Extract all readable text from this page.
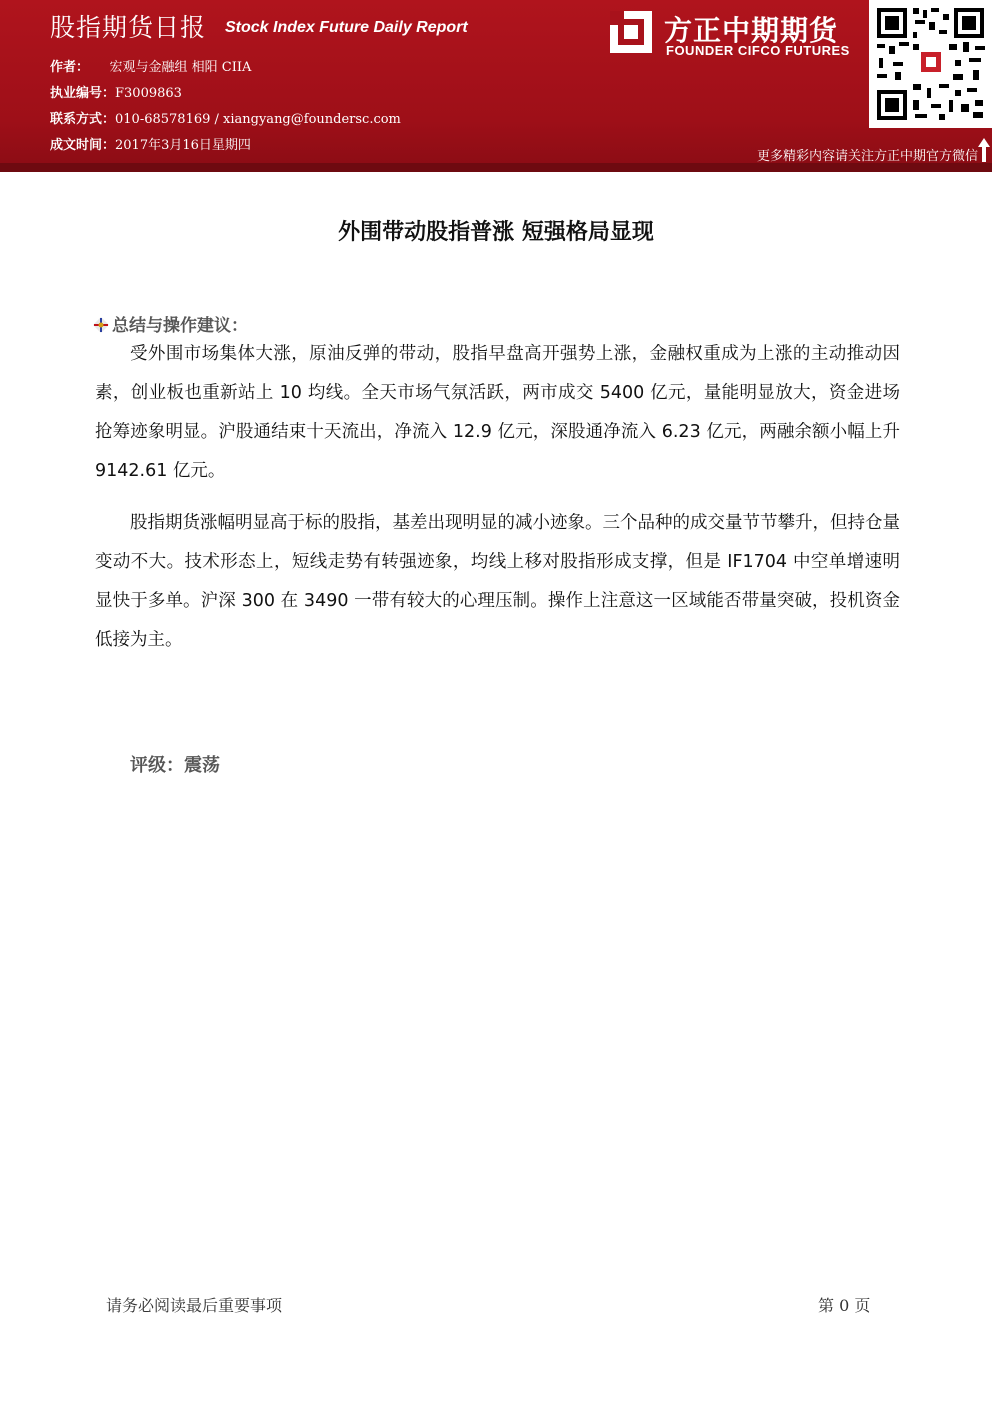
股指期货日报 Stock Index Future Daily Report
作者： 宏观与金融组 相阳 CIIA
执业编号：F3009863
联系方式：010-68578169 / xiangyang@foundersc.com
成文时间：2017年3月16日星期四
方正中期期货
FOUNDER CIFCO FUTURES
更多精彩内容请关注方正中期官方微信
外围带动股指普涨 短强格局显现
总结与操作建议：
受外围市场集体大涨，原油反弹的带动，股指早盘高开强势上涨，金融权重成为上涨的主动推动因素，创业板也重新站上 10 均线。全天市场气氛活跃，两市成交 5400 亿元，量能明显放大，资金进场抢筹迹象明显。沪股通结束十天流出，净流入 12.9 亿元，深股通净流入 6.23 亿元，两融余额小幅上升 9142.61 亿元。
股指期货涨幅明显高于标的股指，基差出现明显的减小迹象。三个品种的成交量节节攀升，但持仓量变动不大。技术形态上，短线走势有转强迹象，均线上移对股指形成支撑，但是 IF1704 中空单增速明显快于多单。沪深 300 在 3490 一带有较大的心理压制。操作上注意这一区域能否带量突破，投机资金低接为主。
评级：震荡
请务必阅读最后重要事项	第 0 页
